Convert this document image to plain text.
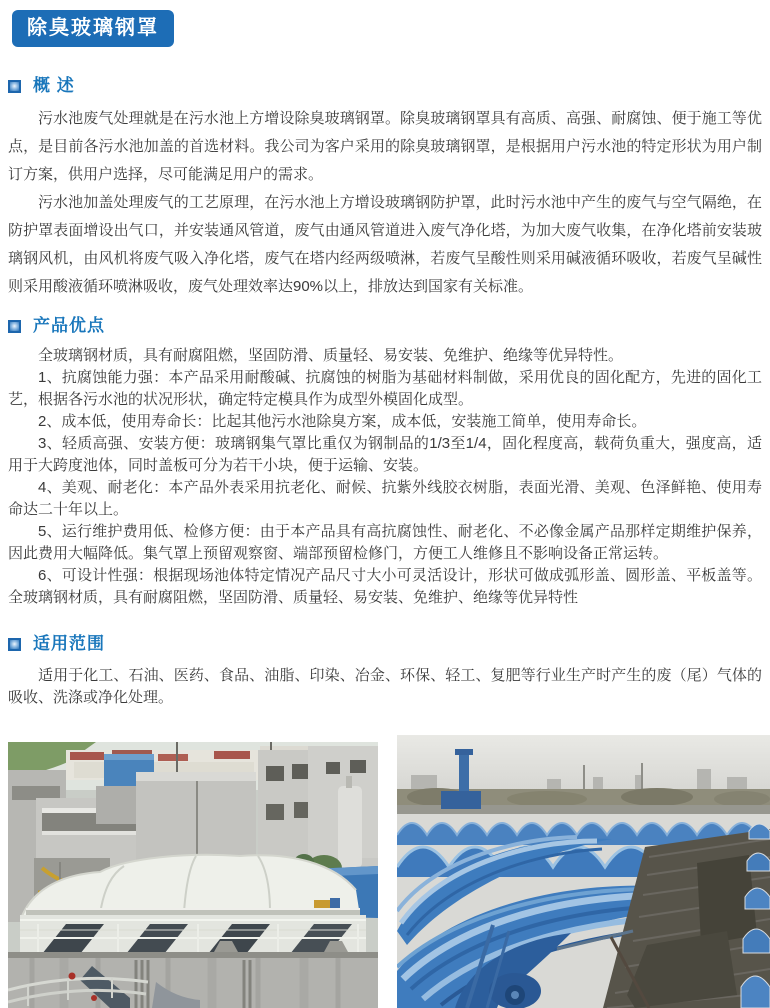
除臭玻璃钢罩
概 述

污水池废气处理就是在污水池上方增设除臭玻璃钢罩。除臭玻璃钢罩具有高质、高强、耐腐蚀、便于施工等优点，是目前各污水池加盖的首选材料。我公司为客户采用的除臭玻璃钢罩，是根据用户污水池的特定形状为用户制订方案，供用户选择，尽可能满足用户的需求。

污水池加盖处理废气的工艺原理，在污水池上方增设玻璃钢防护罩，此时污水池中产生的废气与空气隔绝，在防护罩表面增设出气口，并安装通风管道，废气由通风管道进入废气净化塔，为加大废气收集，在净化塔前安装玻璃钢风机，由风机将废气吸入净化塔，废气在塔内经两级喷淋，若废气呈酸性则采用碱液循环吸收，若废气呈碱性则采用酸液循环喷淋吸收，废气处理效率达90%以上，排放达到国家有关标准。

产品优点

全玻璃钢材质，具有耐腐阻燃，坚固防滑、质量轻、易安装、免维护、绝缘等优异特性。

1、抗腐蚀能力强：本产品采用耐酸碱、抗腐蚀的树脂为基础材料制做，采用优良的固化配方，先进的固化工艺，根据各污水池的状况形状，确定特定模具作为成型外模固化成型。

2、成本低，使用寿命长：比起其他污水池除臭方案，成本低，安装施工简单，使用寿命长。

3、轻质高强、安装方便：玻璃钢集气罩比重仅为钢制品的1/3至1/4，固化程度高，载荷负重大，强度高，适用于大跨度池体，同时盖板可分为若干小块，便于运输、安装。

4、美观、耐老化：本产品外表采用抗老化、耐候、抗紫外线胶衣树脂，表面光滑、美观、色泽鲜艳、使用寿命达二十年以上。

5、运行维护费用低、检修方便：由于本产品具有高抗腐蚀性、耐老化、不必像金属产品那样定期维护保养，因此费用大幅降低。集气罩上预留观察窗、端部预留检修门，方便工人维修且不影响设备正常运转。

6、可设计性强：根据现场池体特定情况产品尺寸大小可灵活设计，形状可做成弧形盖、圆形盖、平板盖等。全玻璃钢材质，具有耐腐阻燃，坚固防滑、质量轻、易安装、免维护、绝缘等优异特性

适用范围

适用于化工、石油、医药、食品、油脂、印染、冶金、环保、轻工、复肥等行业生产时产生的废（尾）气体的吸收、洗涤或净化处理。
